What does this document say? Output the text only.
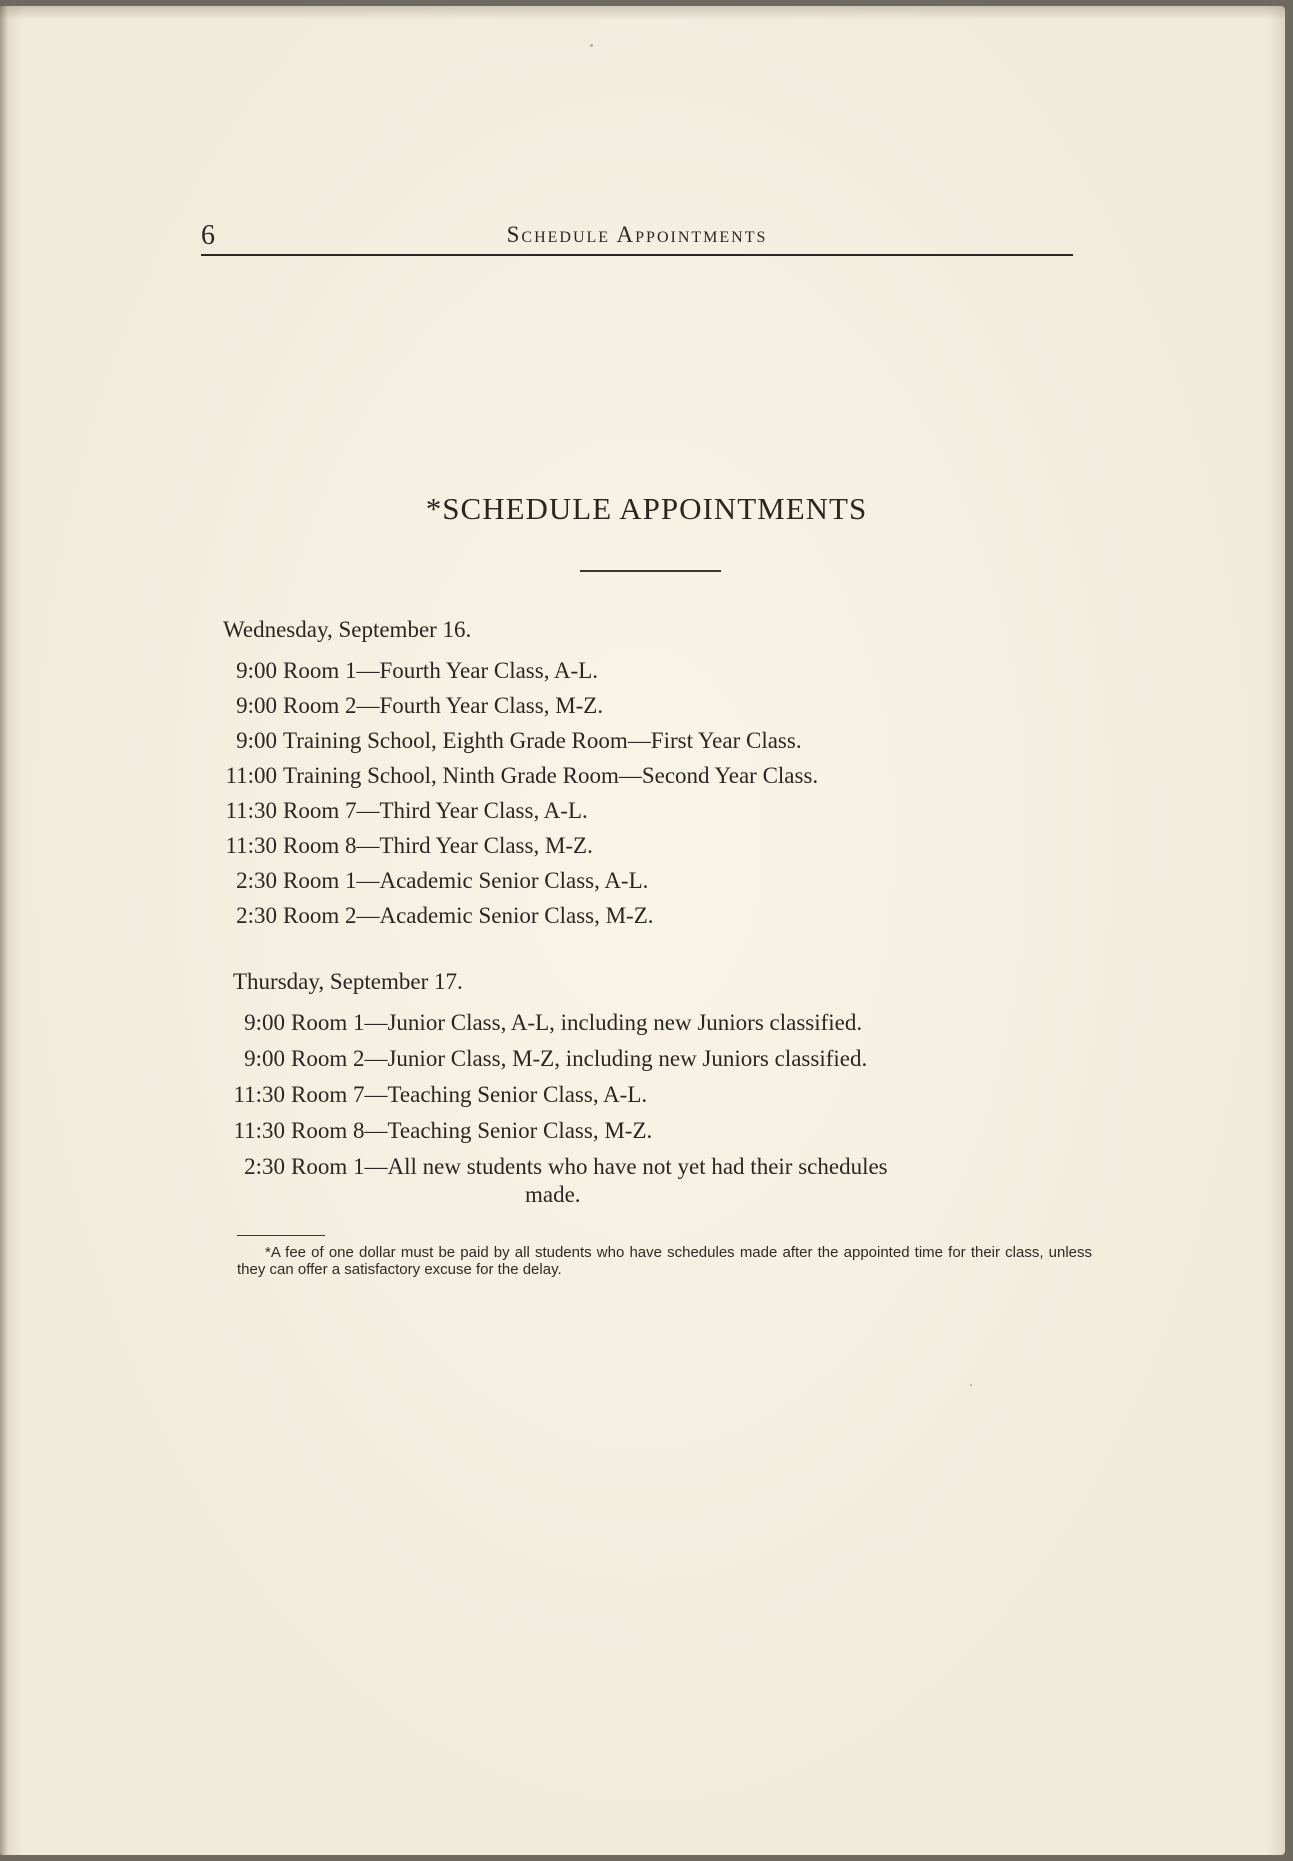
6	Schedule Appointments
*SCHEDULE APPOINTMENTS
Wednesday, September 16.
9:00 Room 1—Fourth Year Class, A-L.
9:00 Room 2—Fourth Year Class, M-Z.
9:00 Training School, Eighth Grade Room—First Year Class.
11:00 Training School, Ninth Grade Room—Second Year Class.
11:30 Room 7—Third Year Class, A-L.
11:30 Room 8—Third Year Class, M-Z.
2:30 Room 1—Academic Senior Class, A-L.
2:30 Room 2—Academic Senior Class, M-Z.
Thursday, September 17.
9:00 Room 1—Junior Class, A-L, including new Juniors classified.
9:00 Room 2—Junior Class, M-Z, including new Juniors classified.
11:30 Room 7—Teaching Senior Class, A-L.
11:30 Room 8—Teaching Senior Class, M-Z.
2:30 Room 1—All new students who have not yet had their schedules
made.
*A fee of one dollar must be paid by all students who have schedules made after the appointed time for their class, unless they can offer a satisfactory excuse for the delay.
